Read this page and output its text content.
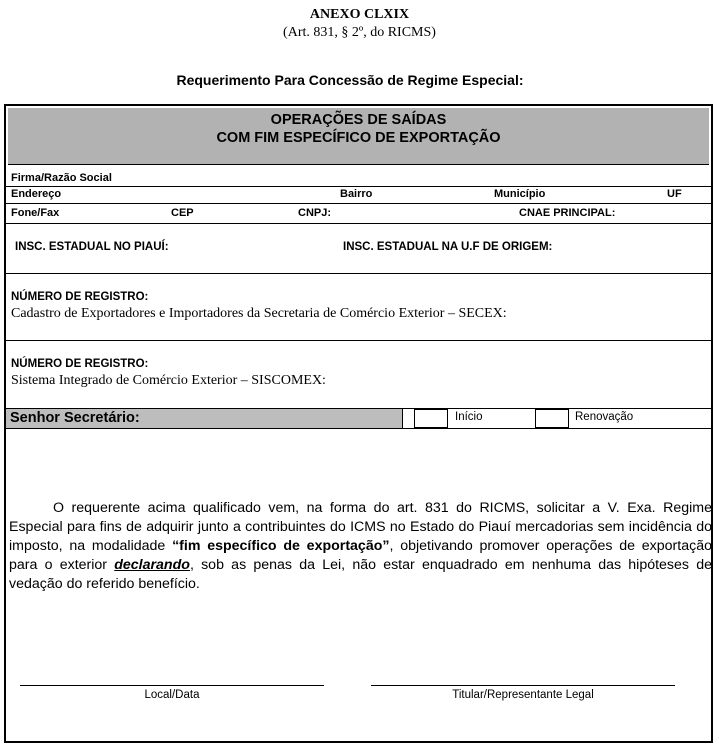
ANEXO CLXIX
(Art. 831, § 2º, do RICMS)
Requerimento Para Concessão de Regime Especial:
OPERAÇÕES DE SAÍDAS
COM FIM ESPECÍFICO DE EXPORTAÇÃO
Firma/Razão Social
Endereço	Bairro	Município	UF
Fone/Fax	CEP	CNPJ:	CNAE PRINCIPAL:
INSC. ESTADUAL NO PIAUÍ:	INSC. ESTADUAL NA U.F DE ORIGEM:
NÚMERO DE REGISTRO:
Cadastro de Exportadores e Importadores da Secretaria de Comércio Exterior – SECEX:
NÚMERO DE REGISTRO:
Sistema Integrado de Comércio Exterior – SISCOMEX:
Senhor Secretário:	Início	Renovação
O requerente acima qualificado vem, na forma do art. 831 do RICMS, solicitar a V. Exa. Regime Especial para fins de adquirir junto a contribuintes do ICMS no Estado do Piauí mercadorias sem incidência do imposto, na modalidade “fim específico de exportação”, objetivando promover operações de exportação para o exterior declarando, sob as penas da Lei, não estar enquadrado em nenhuma das hipóteses de vedação do referido benefício.
Local/Data	Titular/Representante Legal
